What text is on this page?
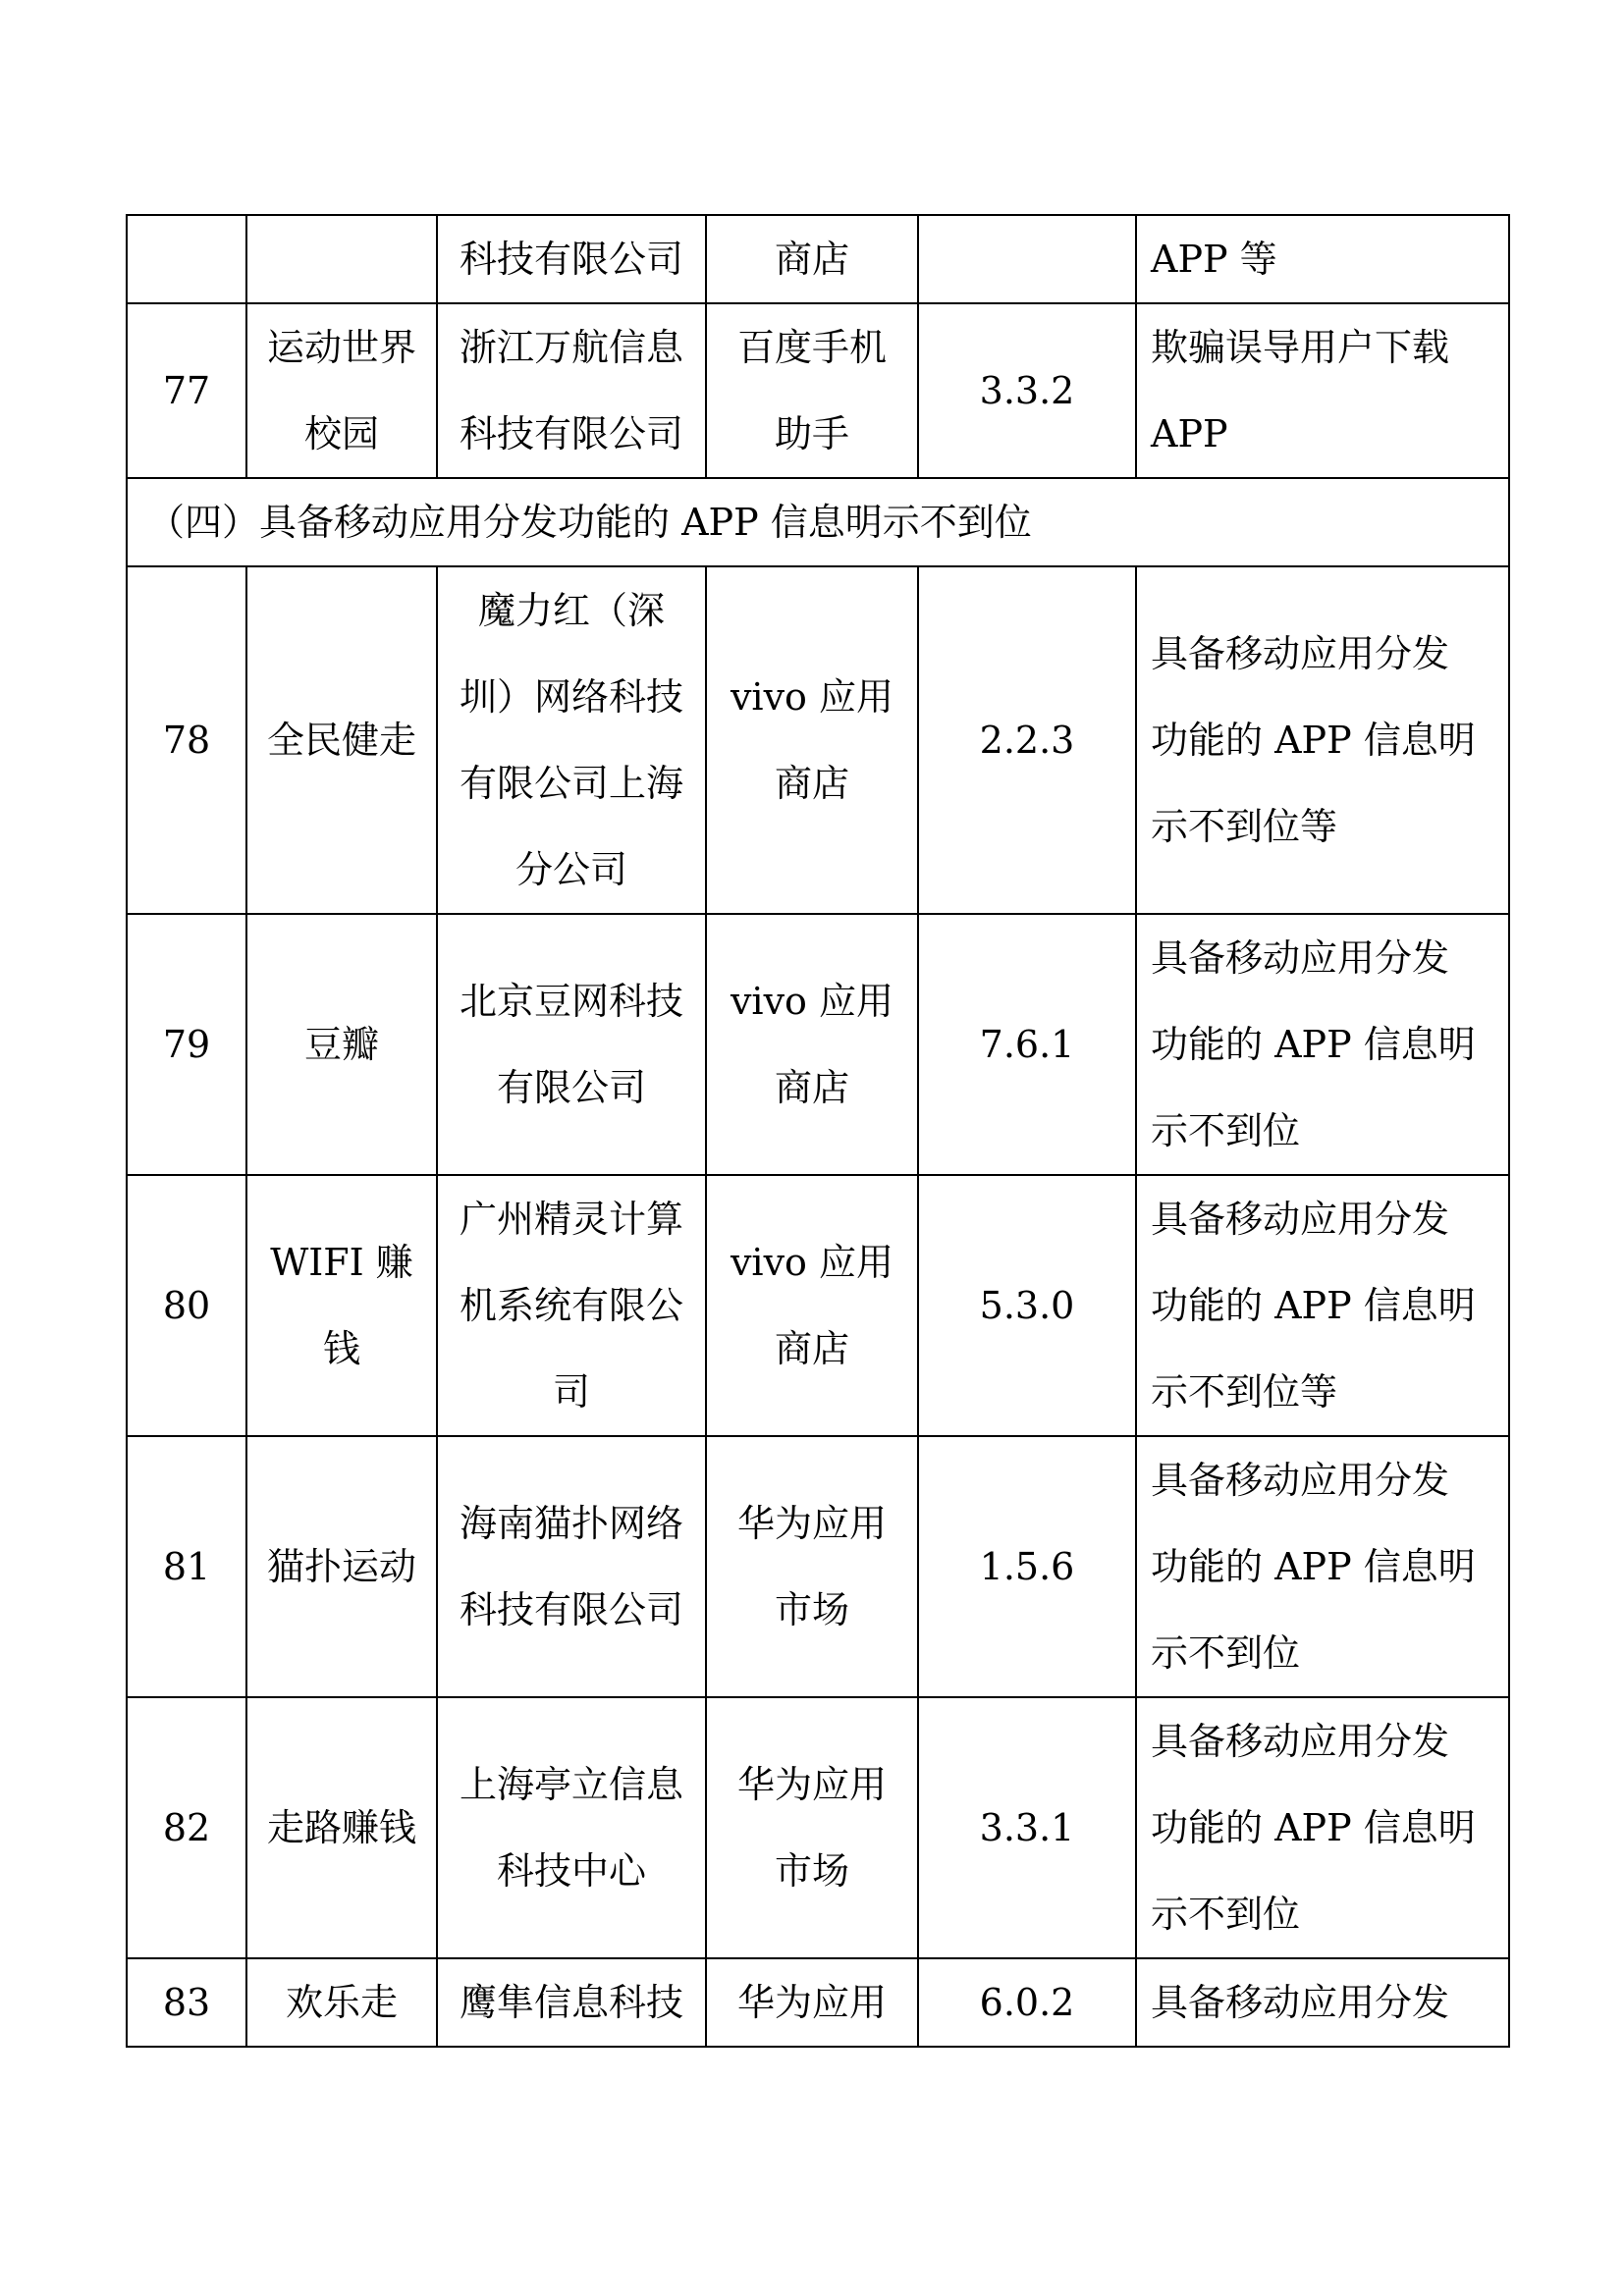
		科技有限公司	商店		APP 等

77	运动世界
校园	浙江万航信息
科技有限公司	百度手机
助手	3.3.2	欺骗误导用户下载
APP

（四）具备移动应用分发功能的 APP 信息明示不到位					

78	全民健走	魔力红（深
圳）网络科技
有限公司上海
分公司	vivo 应用
商店	2.2.3	具备移动应用分发
功能的 APP 信息明
示不到位等

79	豆瓣	北京豆网科技
有限公司	vivo 应用
商店	7.6.1	具备移动应用分发
功能的 APP 信息明
示不到位

80	WIFI 赚
钱	广州精灵计算
机系统有限公
司	vivo 应用
商店	5.3.0	具备移动应用分发
功能的 APP 信息明
示不到位等

81	猫扑运动	海南猫扑网络
科技有限公司	华为应用
市场	1.5.6	具备移动应用分发
功能的 APP 信息明
示不到位

82	走路赚钱	上海亭立信息
科技中心	华为应用
市场	3.3.1	具备移动应用分发
功能的 APP 信息明
示不到位

83	欢乐走	鹰隼信息科技	华为应用	6.0.2	具备移动应用分发
